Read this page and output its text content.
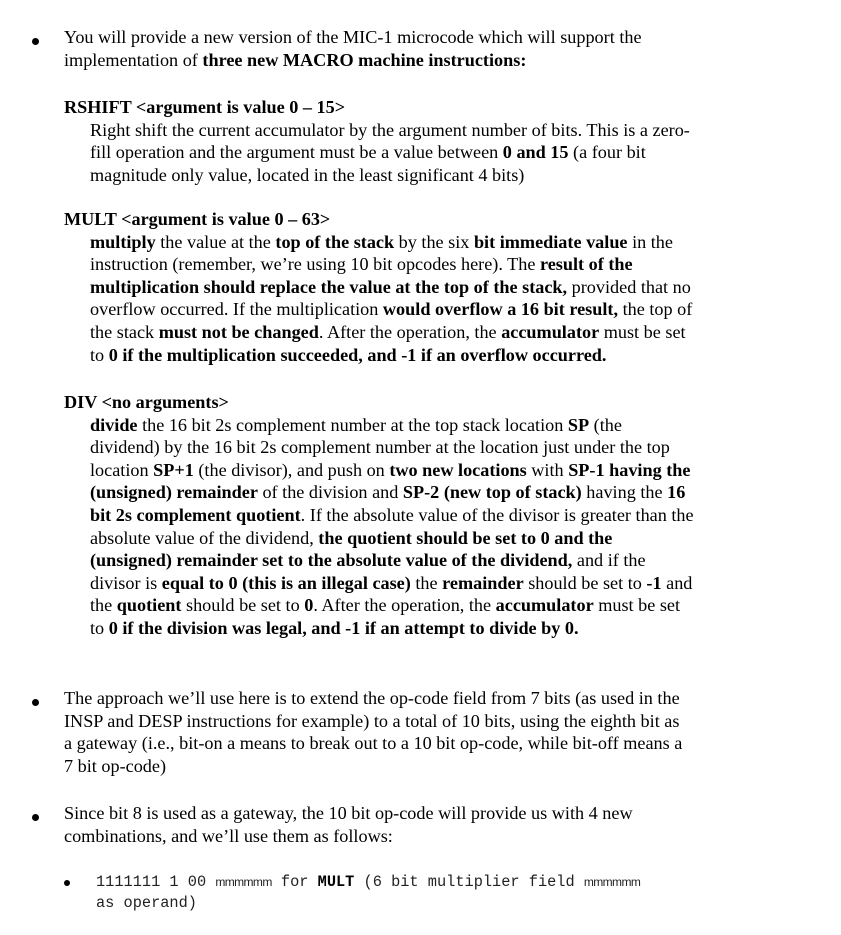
You will provide a new version of the MIC-1 microcode which will support the
implementation of three new MACRO machine instructions:
RSHIFT <argument is value 0 – 15>
Right shift the current accumulator by the argument number of bits. This is a zero-
fill operation and the argument must be a value between 0 and 15 (a four bit
magnitude only value, located in the least significant 4 bits)
MULT <argument is value 0 – 63>
multiply the value at the top of the stack by the six bit immediate value in the
instruction (remember, we’re using 10 bit opcodes here). The result of the
multiplication should replace the value at the top of the stack, provided that no
overflow occurred. If the multiplication would overflow a 16 bit result, the top of
the stack must not be changed. After the operation, the accumulator must be set
to 0 if the multiplication succeeded, and -1 if an overflow occurred.
DIV <no arguments>
divide the 16 bit 2s complement number at the top stack location SP (the
dividend) by the 16 bit 2s complement number at the location just under the top
location SP+1 (the divisor), and push on two new locations with SP-1 having the
(unsigned) remainder of the division and SP-2 (new top of stack) having the 16
bit 2s complement quotient. If the absolute value of the divisor is greater than the
absolute value of the dividend, the quotient should be set to 0 and the
(unsigned) remainder set to the absolute value of the dividend, and if the
divisor is equal to 0 (this is an illegal case) the remainder should be set to -1 and
the quotient should be set to 0. After the operation, the accumulator must be set
to 0 if the division was legal, and -1 if an attempt to divide by 0.
The approach we’ll use here is to extend the op-code field from 7 bits (as used in the
INSP and DESP instructions for example) to a total of 10 bits, using the eighth bit as
a gateway (i.e., bit-on a means to break out to a 10 bit op-code, while bit-off means a
7 bit op-code)
Since bit 8 is used as a gateway, the 10 bit op-code will provide us with 4 new
combinations, and we’ll use them as follows:
1111111 1 00 mmmmmm for MULT (6 bit multiplier field mmmmmm
as operand)
